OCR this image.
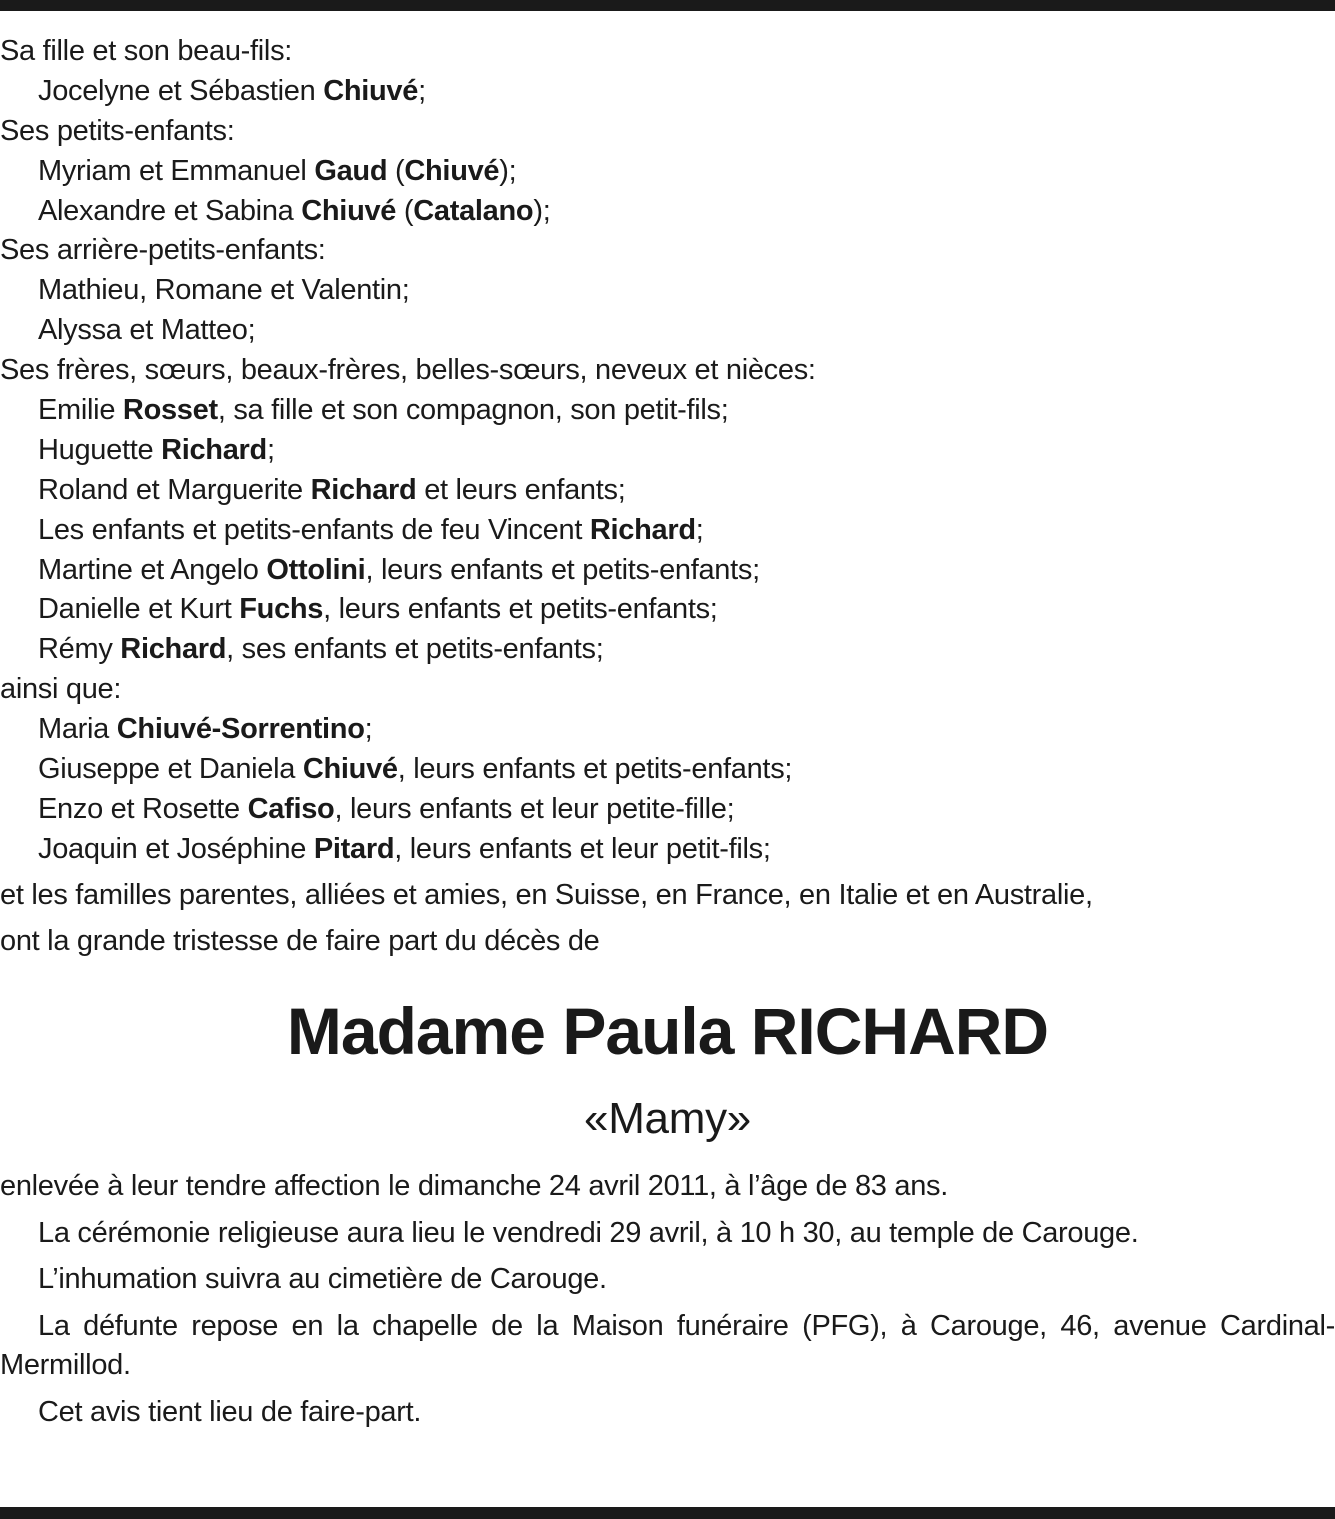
Sa fille et son beau-fils:
Jocelyne et Sébastien Chiuvé;
Ses petits-enfants:
Myriam et Emmanuel Gaud (Chiuvé);
Alexandre et Sabina Chiuvé (Catalano);
Ses arrière-petits-enfants:
Mathieu, Romane et Valentin;
Alyssa et Matteo;
Ses frères, sœurs, beaux-frères, belles-sœurs, neveux et nièces:
Emilie Rosset, sa fille et son compagnon, son petit-fils;
Huguette Richard;
Roland et Marguerite Richard et leurs enfants;
Les enfants et petits-enfants de feu Vincent Richard;
Martine et Angelo Ottolini, leurs enfants et petits-enfants;
Danielle et Kurt Fuchs, leurs enfants et petits-enfants;
Rémy Richard, ses enfants et petits-enfants;
ainsi que:
Maria Chiuvé-Sorrentino;
Giuseppe et Daniela Chiuvé, leurs enfants et petits-enfants;
Enzo et Rosette Cafiso, leurs enfants et leur petite-fille;
Joaquin et Joséphine Pitard, leurs enfants et leur petit-fils;
et les familles parentes, alliées et amies, en Suisse, en France, en Italie et en Australie,
ont la grande tristesse de faire part du décès de
Madame Paula RICHARD
«Mamy»
enlevée à leur tendre affection le dimanche 24 avril 2011, à l’âge de 83 ans.
La cérémonie religieuse aura lieu le vendredi 29 avril, à 10 h 30, au temple de Carouge.
L’inhumation suivra au cimetière de Carouge.
La défunte repose en la chapelle de la Maison funéraire (PFG), à Carouge, 46, avenue Cardinal-Mermillod.
Cet avis tient lieu de faire-part.
